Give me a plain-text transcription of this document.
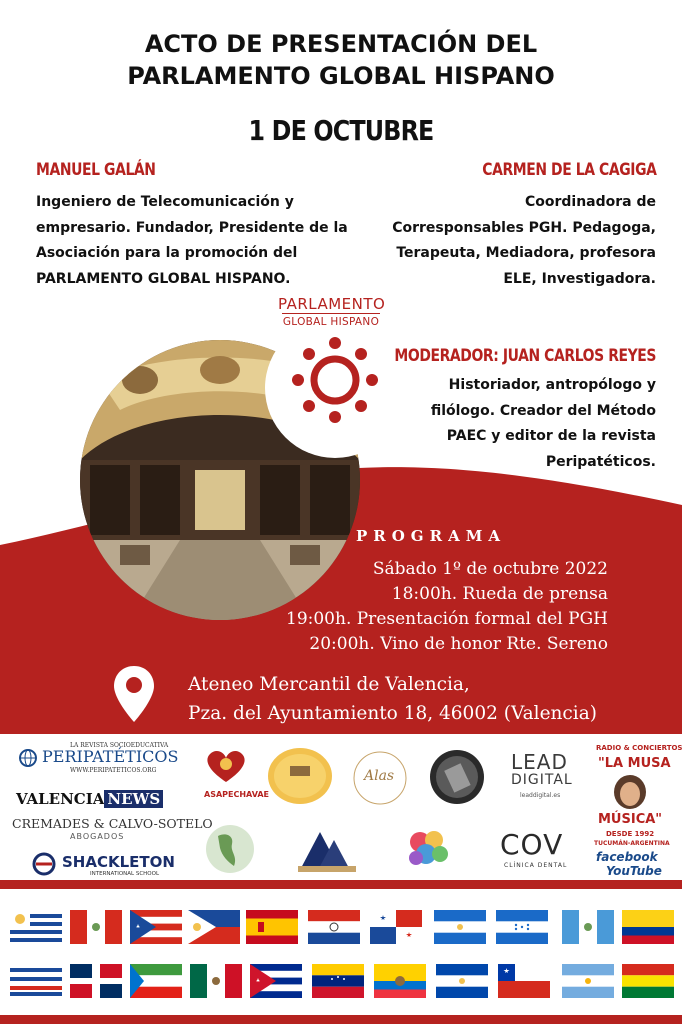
ACTO DE PRESENTACIÓN DEL
PARLAMENTO GLOBAL HISPANO
1 DE OCTUBRE
MANUEL GALÁN
Ingeniero de Telecomunicación y
empresario. Fundador, Presidente de la
Asociación para la promoción del
PARLAMENTO GLOBAL HISPANO.
CARMEN DE LA CAGIGA
Coordinadora de
Corresponsables PGH. Pedagoga,
Terapeuta, Mediadora, profesora
ELE, Investigadora.
PARLAMENTO
GLOBAL HISPANO
MODERADOR: JUAN CARLOS REYES
Historiador, antropólogo y
filólogo. Creador del Método
PAEC y editor de la revista
Peripatéticos.
PROGRAMA
Sábado 1º de octubre 2022
18:00h. Rueda de prensa
19:00h. Presentación formal del PGH
20:00h. Vino de honor Rte. Sereno
Ateneo Mercantil de Valencia,
Pza. del Ayuntamiento 18, 46002 (Valencia)
LA REVISTA SOCIOEDUCATIVA
PERIPATÉTICOS
WWW.PERIPATETICOS.ORG
VALENCIA NEWS
CREMADES & CALVO-SOTELO
ABOGADOS
SHACKLETON
INTERNATIONAL SCHOOL
ASAPECHAVAE
Alas
LEAD
DIGITAL
leaddigital.es
RADIO & CONCIERTOS
"LA MUSA
MÚSICA"
DESDE 1992
TUCUMÁN-ARGENTINA
facebook
YouTube
COV
CLÍNICA DENTAL
